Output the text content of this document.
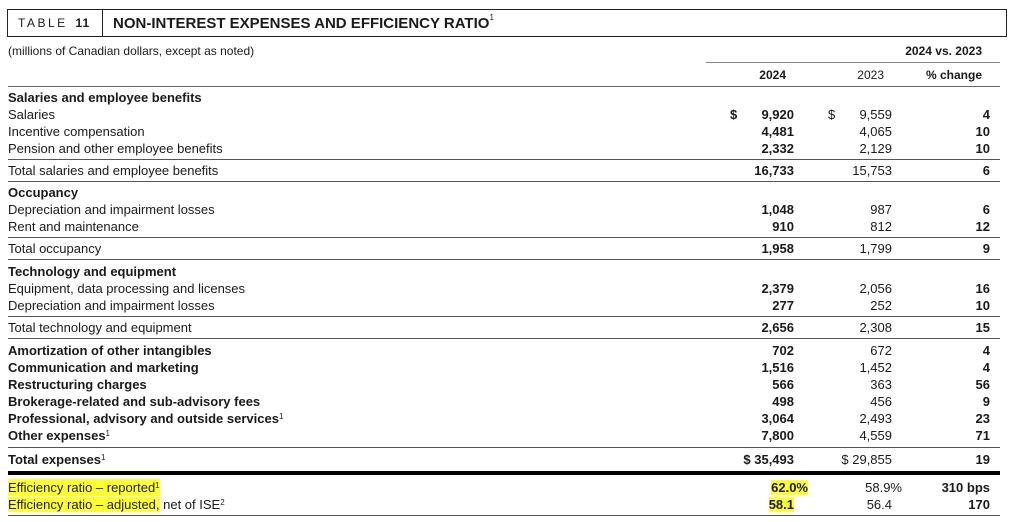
TABLE
11	NON-INTEREST EXPENSES AND EFFICIENCY RATIO$^1$
(millions of Canadian dollars, except as noted)	2024 vs. 2023
2024	2023	% change
Salaries and employee benefits
Salaries	$	9,920	$	9,559	4
Incentive compensation	4,481	4,065	10
Pension and other employee benefits	2,332	2,129	10
Total salaries and employee benefits	16,733	15,753	6
Occupancy
Depreciation and impairment losses	1,048	987	6
Rent and maintenance	910	812	12
Total occupancy	1,958	1,799	9
Technology and equipment
Equipment, data processing and licenses	2,379	2,056	16
Depreciation and impairment losses	277	252	10
Total technology and equipment	2,656	2,308	15
Amortization of other intangibles	702	672	4
Communication and marketing	1,516	1,452	4
Restructuring charges	566	363	56
Brokerage-related and sub-advisory fees	498	456	9
Professional, advisory and outside services$^1$	3,064	2,493	23
Other expenses$^1$	7,800	4,559	71
Total expenses$^1$	$ 35,493	$ 29,855	19
Efficiency ratio – reported$^1$	62.0%	58.9%	310 bps
Efficiency ratio – adjusted, net of ISE$^2$	58.1	56.4	170
